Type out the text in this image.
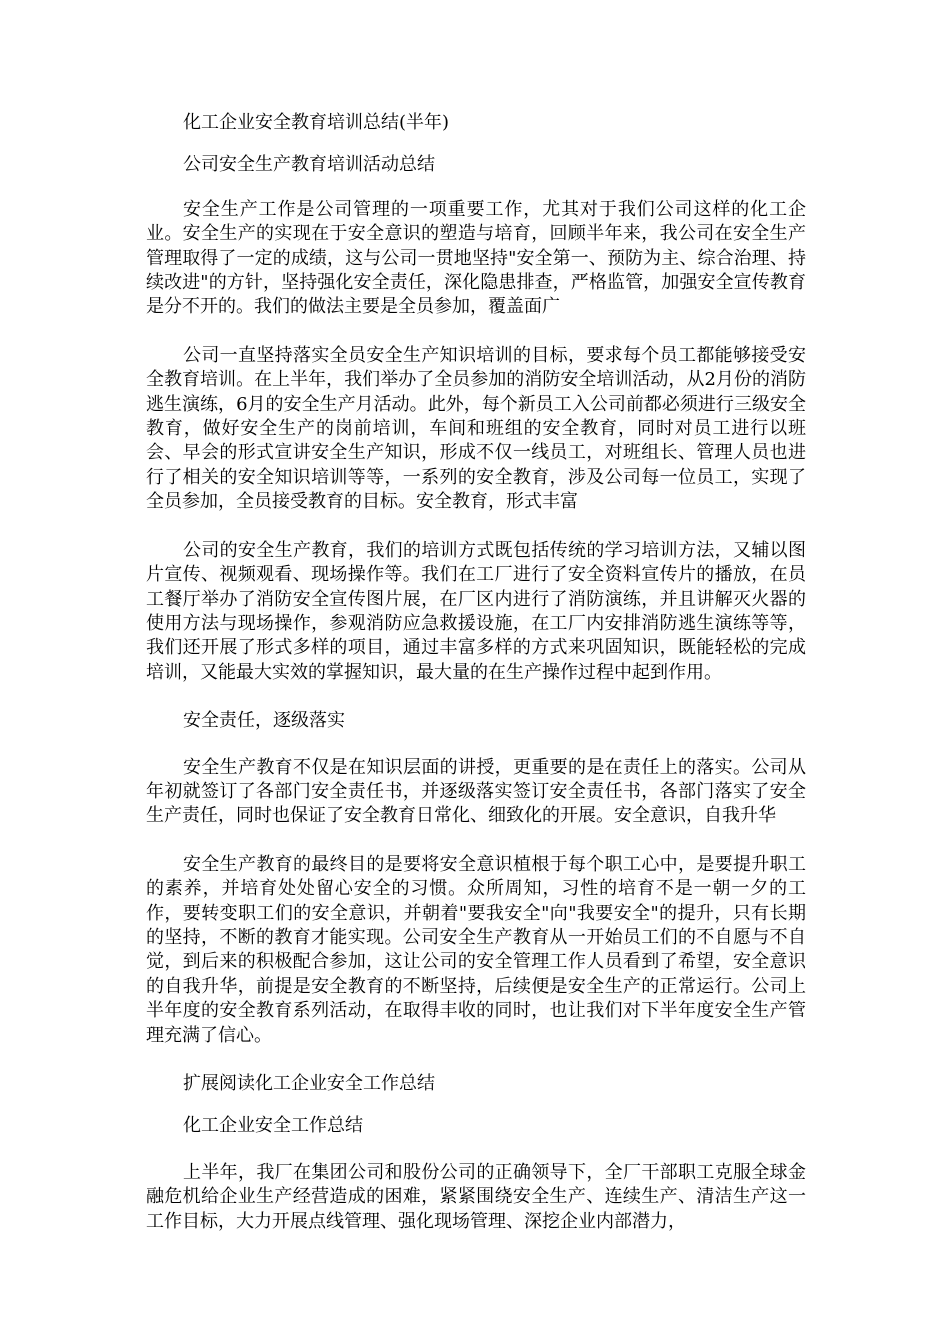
化工企业安全教育培训总结(半年)

公司安全生产教育培训活动总结

安全生产工作是公司管理的一项重要工作，尤其对于我们公司这样的化工企业。安全生产的实现在于安全意识的塑造与培育，回顾半年来，我公司在安全生产管理取得了一定的成绩，这与公司一贯地坚持"安全第一、预防为主、综合治理、持续改进"的方针，坚持强化安全责任，深化隐患排查，严格监管，加强安全宣传教育是分不开的。我们的做法主要是全员参加，覆盖面广

公司一直坚持落实全员安全生产知识培训的目标，要求每个员工都能够接受安全教育培训。在上半年，我们举办了全员参加的消防安全培训活动，从2月份的消防逃生演练，6月的安全生产月活动。此外，每个新员工入公司前都必须进行三级安全教育，做好安全生产的岗前培训，车间和班组的安全教育，同时对员工进行以班会、早会的形式宣讲安全生产知识，形成不仅一线员工，对班组长、管理人员也进行了相关的安全知识培训等等，一系列的安全教育，涉及公司每一位员工，实现了全员参加，全员接受教育的目标。安全教育，形式丰富

公司的安全生产教育，我们的培训方式既包括传统的学习培训方法，又辅以图片宣传、视频观看、现场操作等。我们在工厂进行了安全资料宣传片的播放，在员工餐厅举办了消防安全宣传图片展，在厂区内进行了消防演练，并且讲解灭火器的使用方法与现场操作，参观消防应急救援设施，在工厂内安排消防逃生演练等等，我们还开展了形式多样的项目，通过丰富多样的方式来巩固知识，既能轻松的完成培训，又能最大实效的掌握知识，最大量的在生产操作过程中起到作用。

安全责任，逐级落实

安全生产教育不仅是在知识层面的讲授，更重要的是在责任上的落实。公司从年初就签订了各部门安全责任书，并逐级落实签订安全责任书，各部门落实了安全生产责任，同时也保证了安全教育日常化、细致化的开展。安全意识，自我升华

安全生产教育的最终目的是要将安全意识植根于每个职工心中，是要提升职工的素养，并培育处处留心安全的习惯。众所周知，习性的培育不是一朝一夕的工作，要转变职工们的安全意识，并朝着"要我安全"向"我要安全"的提升，只有长期的坚持，不断的教育才能实现。公司安全生产教育从一开始员工们的不自愿与不自觉，到后来的积极配合参加，这让公司的安全管理工作人员看到了希望，安全意识的自我升华，前提是安全教育的不断坚持，后续便是安全生产的正常运行。公司上半年度的安全教育系列活动，在取得丰收的同时，也让我们对下半年度安全生产管理充满了信心。

扩展阅读化工企业安全工作总结

化工企业安全工作总结

上半年，我厂在集团公司和股份公司的正确领导下，全厂干部职工克服全球金融危机给企业生产经营造成的困难，紧紧围绕安全生产、连续生产、清洁生产这一工作目标，大力开展点线管理、强化现场管理、深挖企业内部潜力，
